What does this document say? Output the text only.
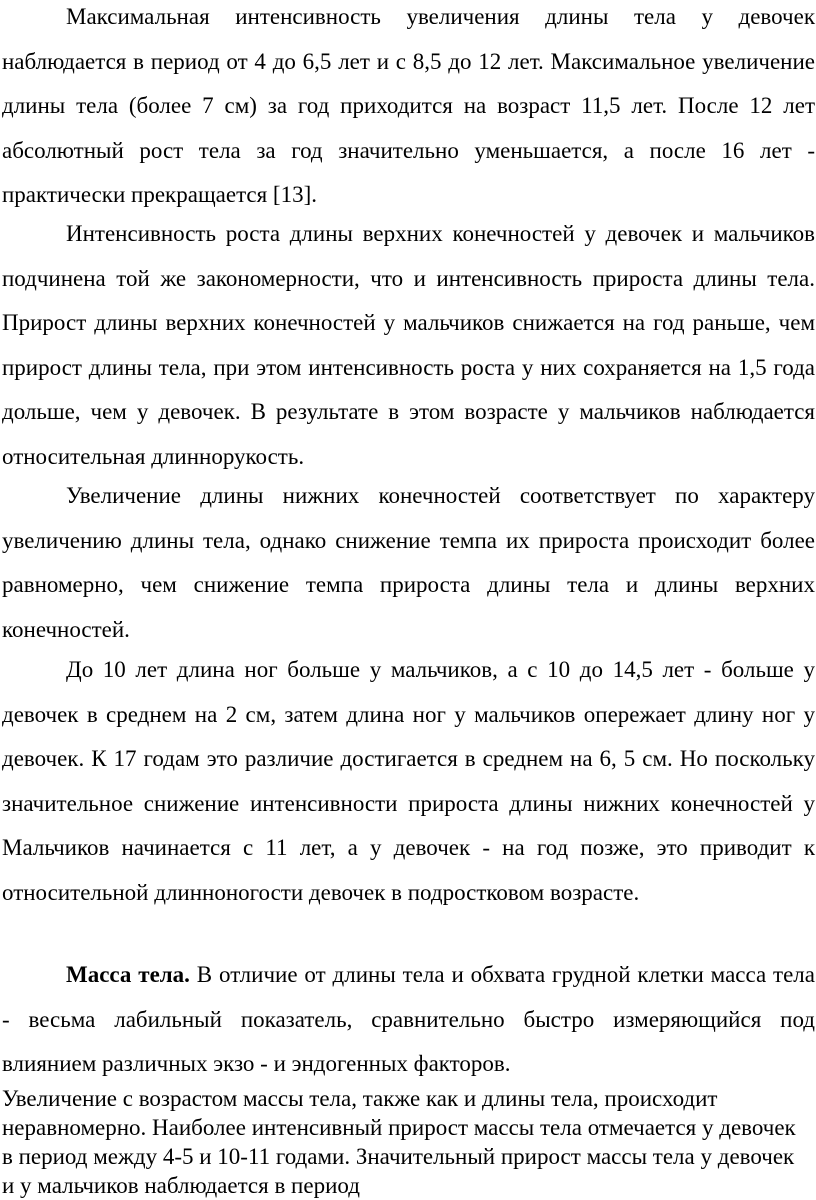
Максимальная интенсивность увеличения длины тела у девочек наблюдается в период от 4 до 6,5 лет и с 8,5 до 12 лет. Максимальное увеличение длины тела (более 7 см) за год приходится на возраст 11,5 лет. После 12 лет абсолютный рост тела за год значительно уменьшается, а после 16 лет - практически прекращается [13].

Интенсивность роста длины верхних конечностей у девочек и мальчиков подчинена той же закономерности, что и интенсивность прироста длины тела. Прирост длины верхних конечностей у мальчиков снижается на год раньше, чем прирост длины тела, при этом интенсивность роста у них сохраняется на 1,5 года дольше, чем у девочек. В результате в этом возрасте у мальчиков наблюдается относительная длиннорукость.

Увеличение длины нижних конечностей соответствует по характеру увеличению длины тела, однако снижение темпа их прироста происходит более равномерно, чем снижение темпа прироста длины тела и длины верхних конечностей.

До 10 лет длина ног больше у мальчиков, а с 10 до 14,5 лет - больше у девочек в среднем на 2 см, затем длина ног у мальчиков опережает длину ног у девочек. К 17 годам это различие достигается в среднем на 6, 5 см. Но поскольку значительное снижение интенсивности прироста длины нижних конечностей у Мальчиков начинается с 11 лет, а у девочек - на год позже, это приводит к относительной длинноногости девочек в подростковом возрасте.

Масса тела. В отличие от длины тела и обхвата грудной клетки масса тела - весьма лабильный показатель, сравнительно быстро измеряющийся под влиянием различных экзо - и эндогенных факторов.

Увеличение с возрастом массы тела, также как и длины тела, происходит неравномерно. Наиболее интенсивный прирост массы тела отмечается у девочек в период между 4-5 и 10-11 годами. Значительный прирост массы тела у девочек и у мальчиков наблюдается в период
